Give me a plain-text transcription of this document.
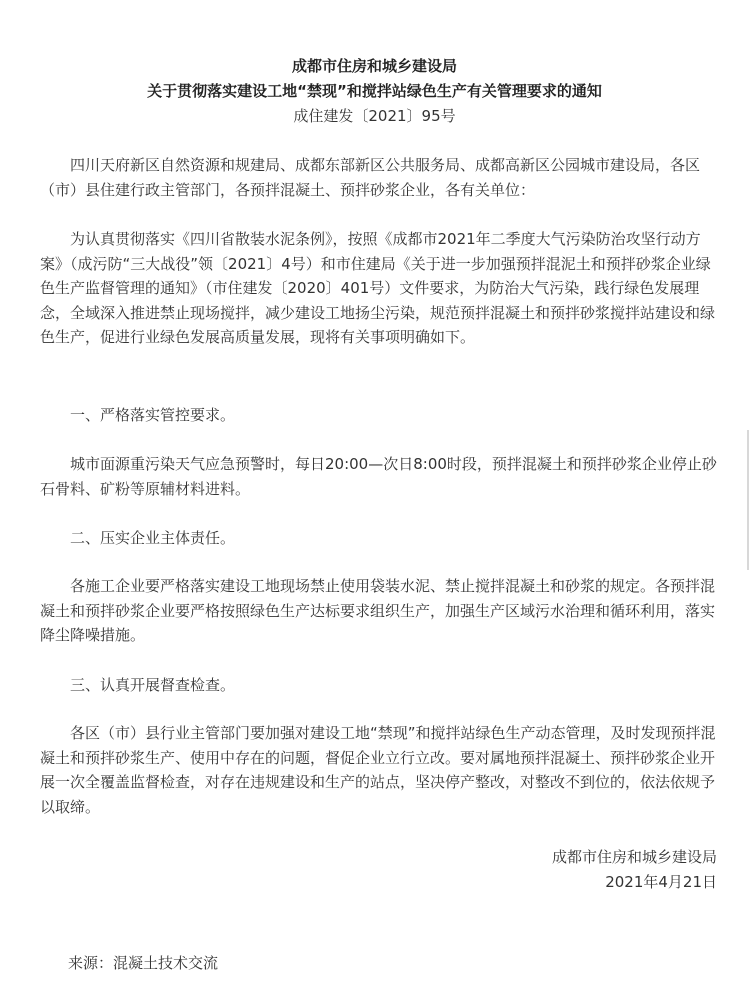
成都市住房和城乡建设局
关于贯彻落实建设工地“禁现”和搅拌站绿色生产有关管理要求的通知
成住建发〔2021〕95号

四川天府新区自然资源和规建局、成都东部新区公共服务局、成都高新区公园城市建设局，各区（市）县住建行政主管部门，各预拌混凝土、预拌砂浆企业，各有关单位：

为认真贯彻落实《四川省散装水泥条例》，按照《成都市2021年二季度大气污染防治攻坚行动方案》（成污防“三大战役”领〔2021〕4号）和市住建局《关于进一步加强预拌混泥土和预拌砂浆企业绿色生产监督管理的通知》（市住建发〔2020〕401号）文件要求，为防治大气污染，践行绿色发展理念，全域深入推进禁止现场搅拌，减少建设工地扬尘污染，规范预拌混凝土和预拌砂浆搅拌站建设和绿色生产，促进行业绿色发展高质量发展，现将有关事项明确如下。

一、严格落实管控要求。

城市面源重污染天气应急预警时，每日20:00—次日8:00时段，预拌混凝土和预拌砂浆企业停止砂石骨料、矿粉等原辅材料进料。

二、压实企业主体责任。

各施工企业要严格落实建设工地现场禁止使用袋装水泥、禁止搅拌混凝土和砂浆的规定。各预拌混凝土和预拌砂浆企业要严格按照绿色生产达标要求组织生产，加强生产区域污水治理和循环利用，落实降尘降噪措施。

三、认真开展督查检查。

各区（市）县行业主管部门要加强对建设工地“禁现”和搅拌站绿色生产动态管理，及时发现预拌混凝土和预拌砂浆生产、使用中存在的问题，督促企业立行立改。要对属地预拌混凝土、预拌砂浆企业开展一次全覆盖监督检查，对存在违规建设和生产的站点，坚决停产整改，对整改不到位的，依法依规予以取缔。

成都市住房和城乡建设局
2021年4月21日
来源：混凝土技术交流
